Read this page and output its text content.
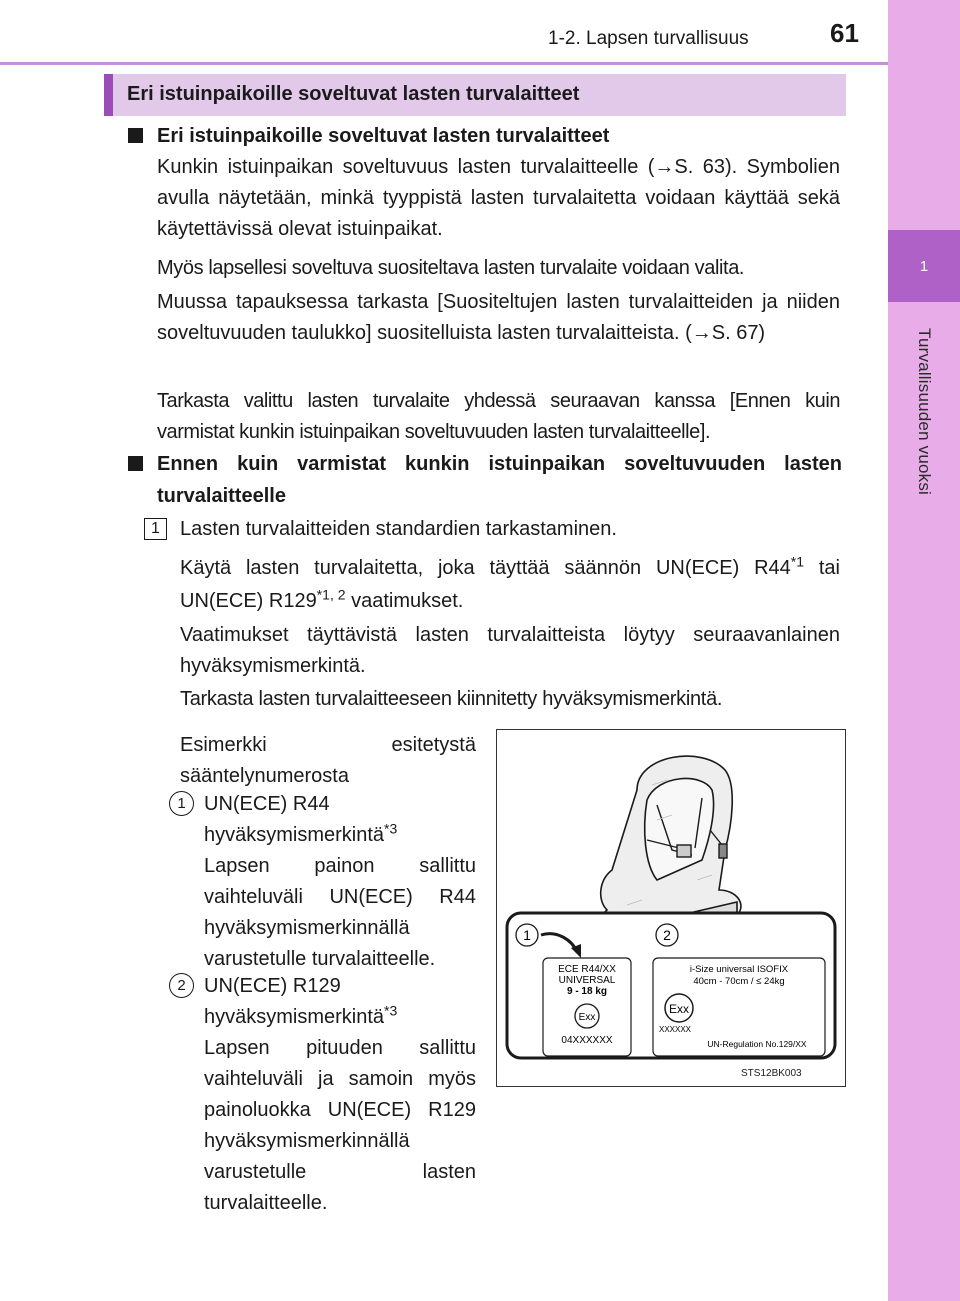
1-2. Lapsen turvallisuus	61
1
Turvallisuuden vuoksi
Eri istuinpaikoille soveltuvat lasten turvalaitteet
Eri istuinpaikoille soveltuvat lasten turvalaitteet
Kunkin istuinpaikan soveltuvuus lasten turvalaitteelle (→S. 63). Symbolien avulla näytetään, minkä tyyppistä lasten turvalaitetta voidaan käyttää sekä käytettävissä olevat istuinpaikat.
Myös lapsellesi soveltuva suositeltava lasten turvalaite voidaan valita.
Muussa tapauksessa tarkasta [Suositeltujen lasten turvalaitteiden ja niiden soveltuvuuden taulukko] suositelluista lasten turvalaitteista. (→S. 67)
Tarkasta valittu lasten turvalaite yhdessä seuraavan kanssa [Ennen kuin varmistat kunkin istuinpaikan soveltuvuuden lasten turvalaitteelle].
Ennen kuin varmistat kunkin istuinpaikan soveltuvuuden lasten turvalaitteelle
1	Lasten turvalaitteiden standardien tarkastaminen.
Käytä lasten turvalaitetta, joka täyttää säännön UN(ECE) R44$^{*1}$ tai UN(ECE) R129$^{*1, 2}$ vaatimukset.
Vaatimukset täyttävistä lasten turvalaitteista löytyy seuraavanlainen hyväksymismerkintä.
Tarkasta lasten turvalaitteeseen kiinnitetty hyväksymismerkintä.
Esimerkki esitetystä sääntelynumerosta
1 UN(ECE) R44 hyväksymismerkintä$^{*3}$
Lapsen painon sallittu vaihteluväli UN(ECE) R44 hyväksymismerkinnällä varustetulle turvalaitteelle.
2 UN(ECE) R129 hyväksymismerkintä$^{*3}$
Lapsen pituuden sallittu vaihteluväli ja samoin myös painoluokka UN(ECE) R129 hyväksymismerkinnällä varustetulle lasten turvalaitteelle.
1	2
ECE R44/XX
UNIVERSAL
9 - 18 kg
Exx
04XXXXXX
i-Size universal ISOFIX
40cm - 70cm / ≤ 24kg
Exx
XXXXXX
UN-Regulation No.129/XX
STS12BK003
